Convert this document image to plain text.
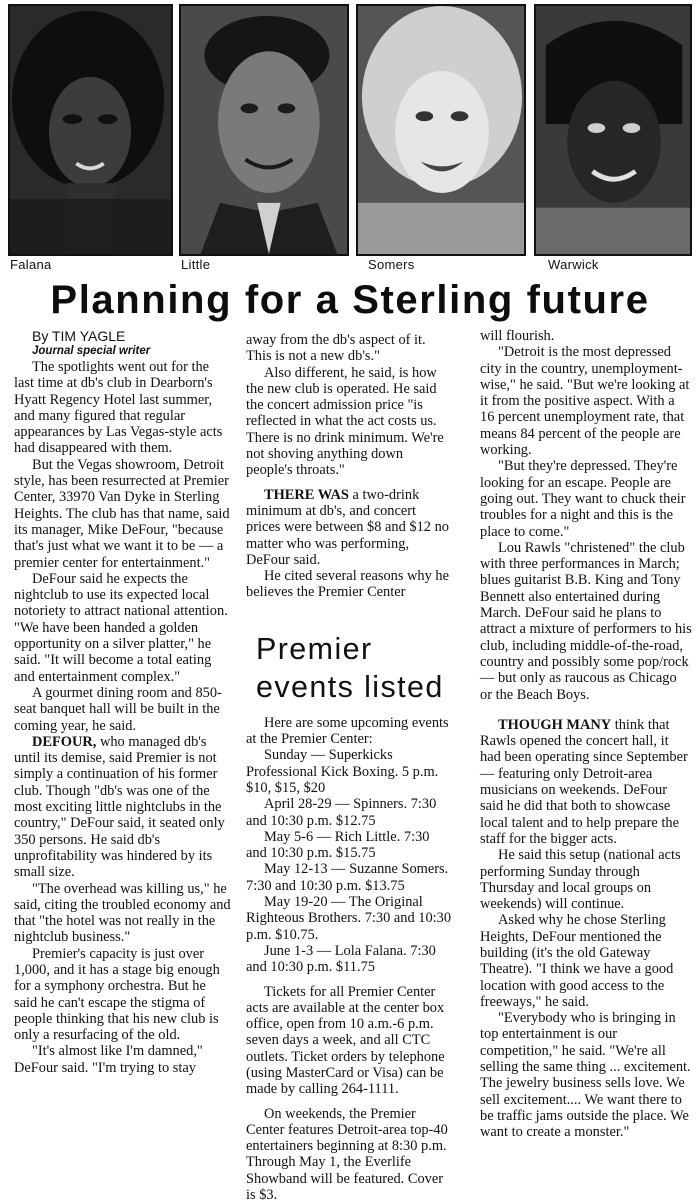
Falana	Little	Somers	Warwick
Planning for a Sterling future

By TIM YAGLE

Journal special writer

The spotlights went out for the last time at db's club in Dearborn's Hyatt Regency Hotel last summer, and many figured that regular appearances by Las Vegas-style acts had disappeared with them.

But the Vegas showroom, Detroit style, has been resurrected at Premier Center, 33970 Van Dyke in Sterling Heights. The club has that name, said its manager, Mike DeFour, "because that's just what we want it to be — a premier center for entertainment."

DeFour said he expects the nightclub to use its expected local notoriety to attract national attention. "We have been handed a golden opportunity on a silver platter," he said. "It will become a total eating and entertainment complex."

A gourmet dining room and 850-seat banquet hall will be built in the coming year, he said.

DEFOUR, who managed db's until its demise, said Premier is not simply a continuation of his former club. Though "db's was one of the most exciting little nightclubs in the country," DeFour said, it seated only 350 persons. He said db's unprofitability was hindered by its small size.

"The overhead was killing us," he said, citing the troubled economy and that "the hotel was not really in the nightclub business."

Premier's capacity is just over 1,000, and it has a stage big enough for a symphony orchestra. But he said he can't escape the stigma of people thinking that his new club is only a resurfacing of the old.

"It's almost like I'm damned," DeFour said. "I'm trying to stay

away from the db's aspect of it. This is not a new db's."

Also different, he said, is how the new club is operated. He said the concert admission price "is reflected in what the act costs us. There is no drink minimum. We're not shoving anything down people's throats."

THERE WAS a two-drink minimum at db's, and concert prices were between $8 and $12 no matter who was performing, DeFour said.

He cited several reasons why he believes the Premier Center

Premier
events listed

Here are some upcoming events at the Premier Center:

Sunday — Superkicks Professional Kick Boxing. 5 p.m. $10, $15, $20

April 28-29 — Spinners. 7:30 and 10:30 p.m. $12.75

May 5-6 — Rich Little. 7:30 and 10:30 p.m. $15.75

May 12-13 — Suzanne Somers. 7:30 and 10:30 p.m. $13.75

May 19-20 — The Original Righteous Brothers. 7:30 and 10:30 p.m. $10.75.

June 1-3 — Lola Falana. 7:30 and 10:30 p.m. $11.75

Tickets for all Premier Center acts are available at the center box office, open from 10 a.m.-6 p.m. seven days a week, and all CTC outlets. Ticket orders by telephone (using MasterCard or Visa) can be made by calling 264-1111.

On weekends, the Premier Center features Detroit-area top-40 entertainers beginning at 8:30 p.m. Through May 1, the Everlife Showband will be featured. Cover is $3.

will flourish.

"Detroit is the most depressed city in the country, unemployment-wise," he said. "But we're looking at it from the positive aspect. With a 16 percent unemployment rate, that means 84 percent of the people are working.

"But they're depressed. They're looking for an escape. People are going out. They want to chuck their troubles for a night and this is the place to come."

Lou Rawls "christened" the club with three performances in March; blues guitarist B.B. King and Tony Bennett also entertained during March. DeFour said he plans to attract a mixture of performers to his club, including middle-of-the-road, country and possibly some pop/rock — but only as raucous as Chicago or the Beach Boys.

THOUGH MANY think that Rawls opened the concert hall, it had been operating since September — featuring only Detroit-area musicians on weekends. DeFour said he did that both to showcase local talent and to help prepare the staff for the bigger acts.

He said this setup (national acts performing Sunday through Thursday and local groups on weekends) will continue.

Asked why he chose Sterling Heights, DeFour mentioned the building (it's the old Gateway Theatre). "I think we have a good location with good access to the freeways," he said.

"Everybody who is bringing in top entertainment is our competition," he said. "We're all selling the same thing ... excitement. The jewelry business sells love. We sell excitement.... We want there to be traffic jams outside the place. We want to create a monster."
